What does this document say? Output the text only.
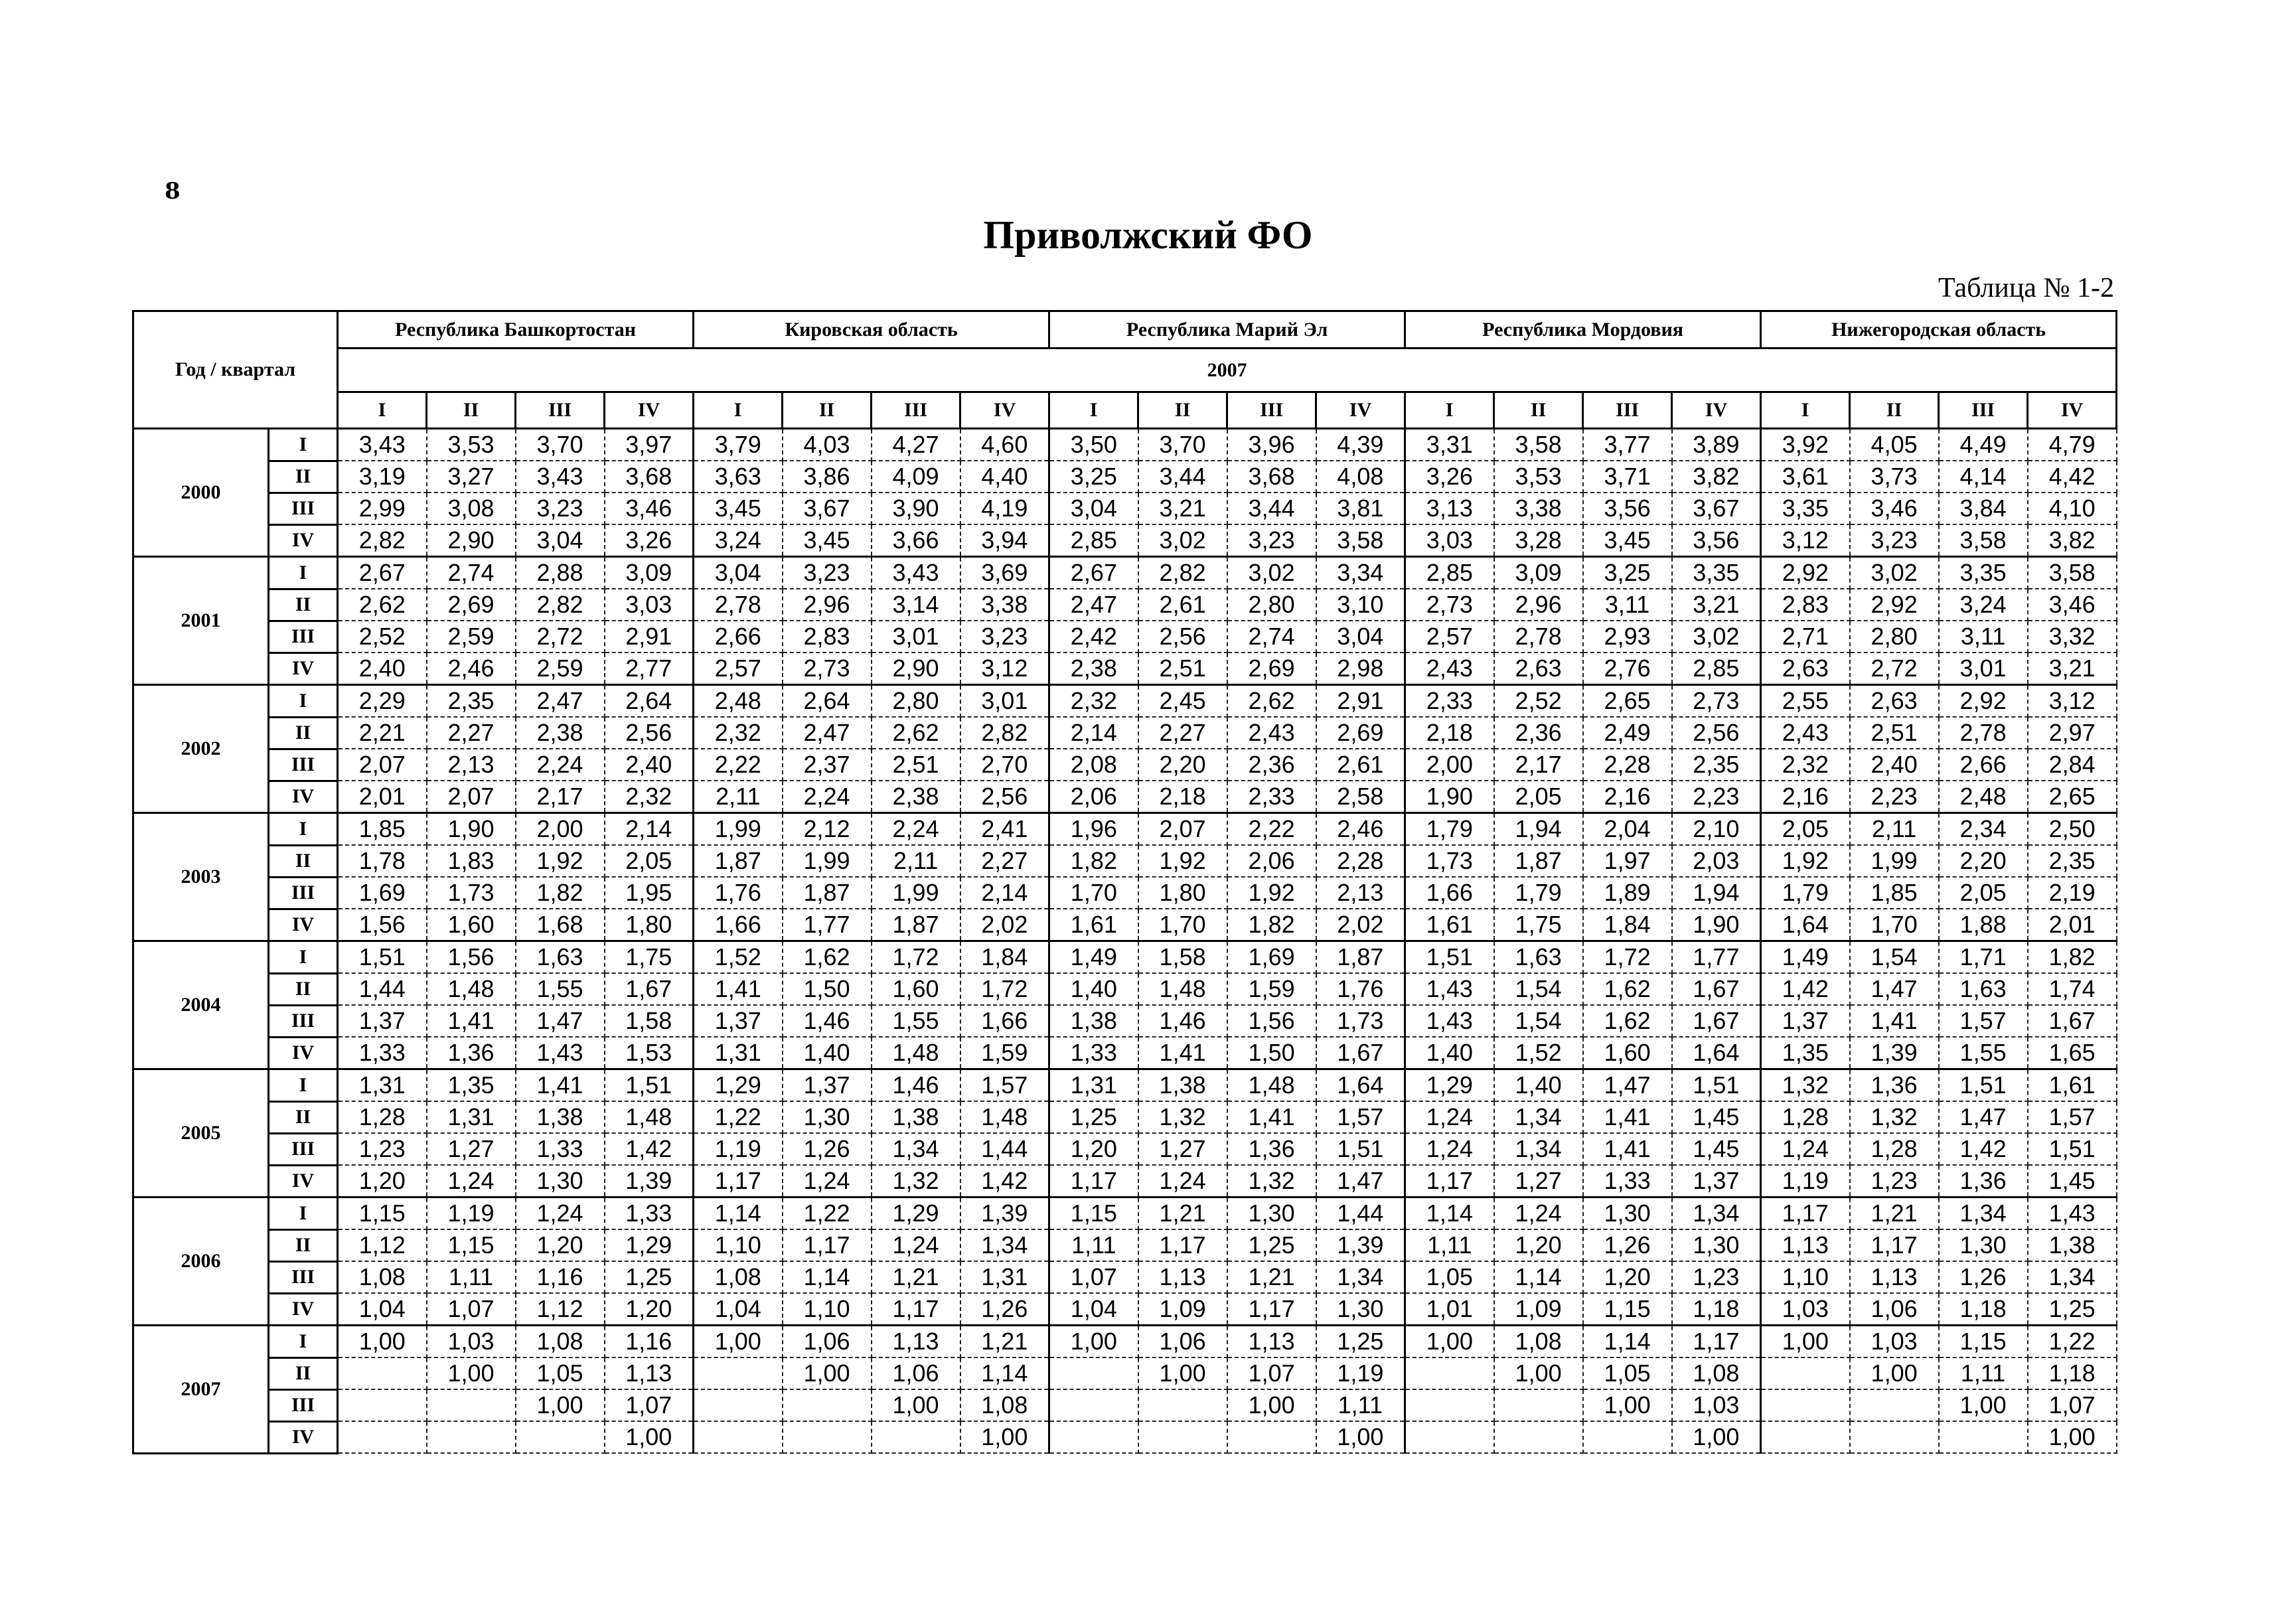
8
Приволжский ФО
Таблица № 1-2
Год / квартал		Республика Башкортостан				Кировская область				Республика Марий Эл				Республика Мордовия				Нижегородская область			
		2007																			
		I	II	III	IV	I	II	III	IV	I	II	III	IV	I	II	III	IV	I	II	III	IV
2000	I	3,43	3,53	3,70	3,97	3,79	4,03	4,27	4,60	3,50	3,70	3,96	4,39	3,31	3,58	3,77	3,89	3,92	4,05	4,49	4,79
	II	3,19	3,27	3,43	3,68	3,63	3,86	4,09	4,40	3,25	3,44	3,68	4,08	3,26	3,53	3,71	3,82	3,61	3,73	4,14	4,42
	III	2,99	3,08	3,23	3,46	3,45	3,67	3,90	4,19	3,04	3,21	3,44	3,81	3,13	3,38	3,56	3,67	3,35	3,46	3,84	4,10
	IV	2,82	2,90	3,04	3,26	3,24	3,45	3,66	3,94	2,85	3,02	3,23	3,58	3,03	3,28	3,45	3,56	3,12	3,23	3,58	3,82
2001	I	2,67	2,74	2,88	3,09	3,04	3,23	3,43	3,69	2,67	2,82	3,02	3,34	2,85	3,09	3,25	3,35	2,92	3,02	3,35	3,58
	II	2,62	2,69	2,82	3,03	2,78	2,96	3,14	3,38	2,47	2,61	2,80	3,10	2,73	2,96	3,11	3,21	2,83	2,92	3,24	3,46
	III	2,52	2,59	2,72	2,91	2,66	2,83	3,01	3,23	2,42	2,56	2,74	3,04	2,57	2,78	2,93	3,02	2,71	2,80	3,11	3,32
	IV	2,40	2,46	2,59	2,77	2,57	2,73	2,90	3,12	2,38	2,51	2,69	2,98	2,43	2,63	2,76	2,85	2,63	2,72	3,01	3,21
2002	I	2,29	2,35	2,47	2,64	2,48	2,64	2,80	3,01	2,32	2,45	2,62	2,91	2,33	2,52	2,65	2,73	2,55	2,63	2,92	3,12
	II	2,21	2,27	2,38	2,56	2,32	2,47	2,62	2,82	2,14	2,27	2,43	2,69	2,18	2,36	2,49	2,56	2,43	2,51	2,78	2,97
	III	2,07	2,13	2,24	2,40	2,22	2,37	2,51	2,70	2,08	2,20	2,36	2,61	2,00	2,17	2,28	2,35	2,32	2,40	2,66	2,84
	IV	2,01	2,07	2,17	2,32	2,11	2,24	2,38	2,56	2,06	2,18	2,33	2,58	1,90	2,05	2,16	2,23	2,16	2,23	2,48	2,65
2003	I	1,85	1,90	2,00	2,14	1,99	2,12	2,24	2,41	1,96	2,07	2,22	2,46	1,79	1,94	2,04	2,10	2,05	2,11	2,34	2,50
	II	1,78	1,83	1,92	2,05	1,87	1,99	2,11	2,27	1,82	1,92	2,06	2,28	1,73	1,87	1,97	2,03	1,92	1,99	2,20	2,35
	III	1,69	1,73	1,82	1,95	1,76	1,87	1,99	2,14	1,70	1,80	1,92	2,13	1,66	1,79	1,89	1,94	1,79	1,85	2,05	2,19
	IV	1,56	1,60	1,68	1,80	1,66	1,77	1,87	2,02	1,61	1,70	1,82	2,02	1,61	1,75	1,84	1,90	1,64	1,70	1,88	2,01
2004	I	1,51	1,56	1,63	1,75	1,52	1,62	1,72	1,84	1,49	1,58	1,69	1,87	1,51	1,63	1,72	1,77	1,49	1,54	1,71	1,82
	II	1,44	1,48	1,55	1,67	1,41	1,50	1,60	1,72	1,40	1,48	1,59	1,76	1,43	1,54	1,62	1,67	1,42	1,47	1,63	1,74
	III	1,37	1,41	1,47	1,58	1,37	1,46	1,55	1,66	1,38	1,46	1,56	1,73	1,43	1,54	1,62	1,67	1,37	1,41	1,57	1,67
	IV	1,33	1,36	1,43	1,53	1,31	1,40	1,48	1,59	1,33	1,41	1,50	1,67	1,40	1,52	1,60	1,64	1,35	1,39	1,55	1,65
2005	I	1,31	1,35	1,41	1,51	1,29	1,37	1,46	1,57	1,31	1,38	1,48	1,64	1,29	1,40	1,47	1,51	1,32	1,36	1,51	1,61
	II	1,28	1,31	1,38	1,48	1,22	1,30	1,38	1,48	1,25	1,32	1,41	1,57	1,24	1,34	1,41	1,45	1,28	1,32	1,47	1,57
	III	1,23	1,27	1,33	1,42	1,19	1,26	1,34	1,44	1,20	1,27	1,36	1,51	1,24	1,34	1,41	1,45	1,24	1,28	1,42	1,51
	IV	1,20	1,24	1,30	1,39	1,17	1,24	1,32	1,42	1,17	1,24	1,32	1,47	1,17	1,27	1,33	1,37	1,19	1,23	1,36	1,45
2006	I	1,15	1,19	1,24	1,33	1,14	1,22	1,29	1,39	1,15	1,21	1,30	1,44	1,14	1,24	1,30	1,34	1,17	1,21	1,34	1,43
	II	1,12	1,15	1,20	1,29	1,10	1,17	1,24	1,34	1,11	1,17	1,25	1,39	1,11	1,20	1,26	1,30	1,13	1,17	1,30	1,38
	III	1,08	1,11	1,16	1,25	1,08	1,14	1,21	1,31	1,07	1,13	1,21	1,34	1,05	1,14	1,20	1,23	1,10	1,13	1,26	1,34
	IV	1,04	1,07	1,12	1,20	1,04	1,10	1,17	1,26	1,04	1,09	1,17	1,30	1,01	1,09	1,15	1,18	1,03	1,06	1,18	1,25
2007	I	1,00	1,03	1,08	1,16	1,00	1,06	1,13	1,21	1,00	1,06	1,13	1,25	1,00	1,08	1,14	1,17	1,00	1,03	1,15	1,22
	II		1,00	1,05	1,13		1,00	1,06	1,14		1,00	1,07	1,19		1,00	1,05	1,08		1,00	1,11	1,18
	III			1,00	1,07			1,00	1,08			1,00	1,11			1,00	1,03			1,00	1,07
	IV				1,00				1,00				1,00				1,00				1,00
